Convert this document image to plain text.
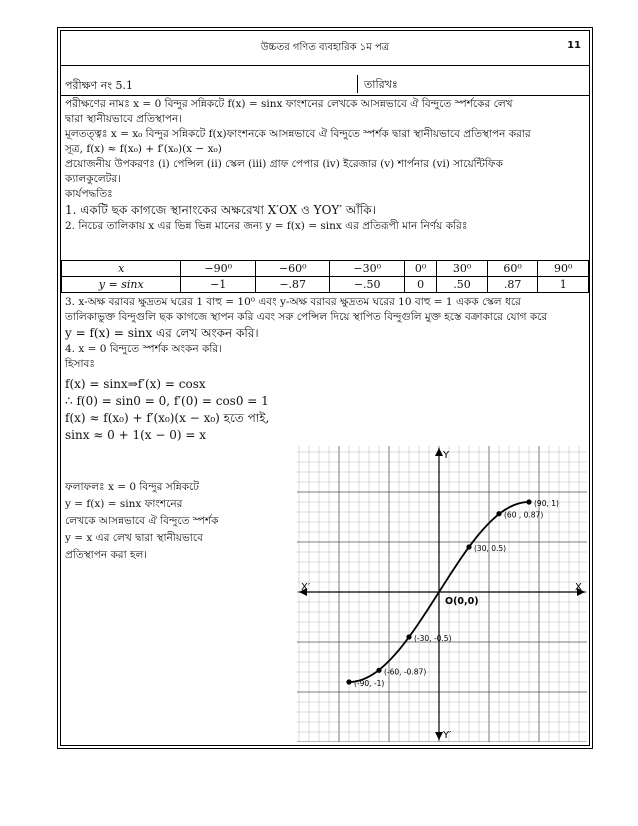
উচ্চতর গণিত ব্যবহারিক ১ম পত্র	11
পরীক্ষণ নং 5.1	তারিখঃ
পরীক্ষণের নামঃ x = 0 বিন্দুর সন্নিকটে f(x) = sinx ফাংশনের লেখকে আসন্নভাবে ঐ বিন্দুতে স্পর্শকের লেখ
দ্বারা স্থানীয়ভাবে প্রতিস্থাপন।
মূলতত্ত্বঃ x = x₀ বিন্দুর সন্নিকটে f(x)ফাংশনকে আসন্নভাবে ঐ বিন্দুতে স্পর্শক দ্বারা স্থানীয়ভাবে প্রতিস্থাপন করার
সূত্র, f(x) ≈ f(x₀) + f′(x₀)(x − x₀)
প্রয়োজনীয় উপকরণঃ (i) পেন্সিল (ii) স্কেল (iii) গ্রাফ পেপার (iv) ইরেজার (v) শার্পনার (vi) সায়েন্টিফিক
ক্যালকুলেটর।
কার্যপদ্ধতিঃ
1. একটি ছক কাগজে স্থানাংকের অক্ষরেখা X′OX ও YOY′ আঁকি।
2. নিচের তালিকায় x এর ভিন্ন ভিন্ন মানের জন্য y = f(x) = sinx এর প্রতিরূপী মান নির্ণয় করিঃ
x	−90⁰	−60⁰	−30⁰	0⁰	30⁰	60⁰	90⁰
y = sinx	−1	−.87	−.50	0	.50	.87	1
3. x-অক্ষ বরাবর ক্ষুদ্রতম ঘরের 1 বাহু = 10⁰ এবং y-অক্ষ বরাবর ক্ষুদ্রতম ঘরের 10 বাহু = 1 একক স্কেল ধরে
তালিকাভুক্ত বিন্দুগুলি ছক কাগজে স্থাপন করি এবং সরু পেন্সিল দিয়ে স্থাপিত বিন্দুগুলি মুক্ত হস্তে বক্রাকারে যোগ করে
y = f(x) = sinx এর লেখ অংকন করি।
4. x = 0 বিন্দুতে স্পর্শক অংকন করি।
হিসাবঃ
f(x) = sinx⇒f′(x) = cosx
∴ f(0) = sin0 = 0, f′(0) = cos0 = 1
f(x) ≈ f(x₀) + f′(x₀)(x − x₀) হতে পাই,
sinx ≈ 0 + 1(x − 0) = x
ফলাফলঃ x = 0 বিন্দুর সন্নিকটে
y = f(x) = sinx ফাংশনের
লেখকে আসন্নভাবে ঐ বিন্দুতে স্পর্শক
y = x এর লেখ দ্বারা স্থানীয়ভাবে
প্রতিস্থাপন করা হল।
(-90, -1)
(-60, -0.87)
(-30, -0.5)
(30, 0.5)
(60 , 0.87)
(90, 1)
X
X′
Y
Y′
O(0,0)
